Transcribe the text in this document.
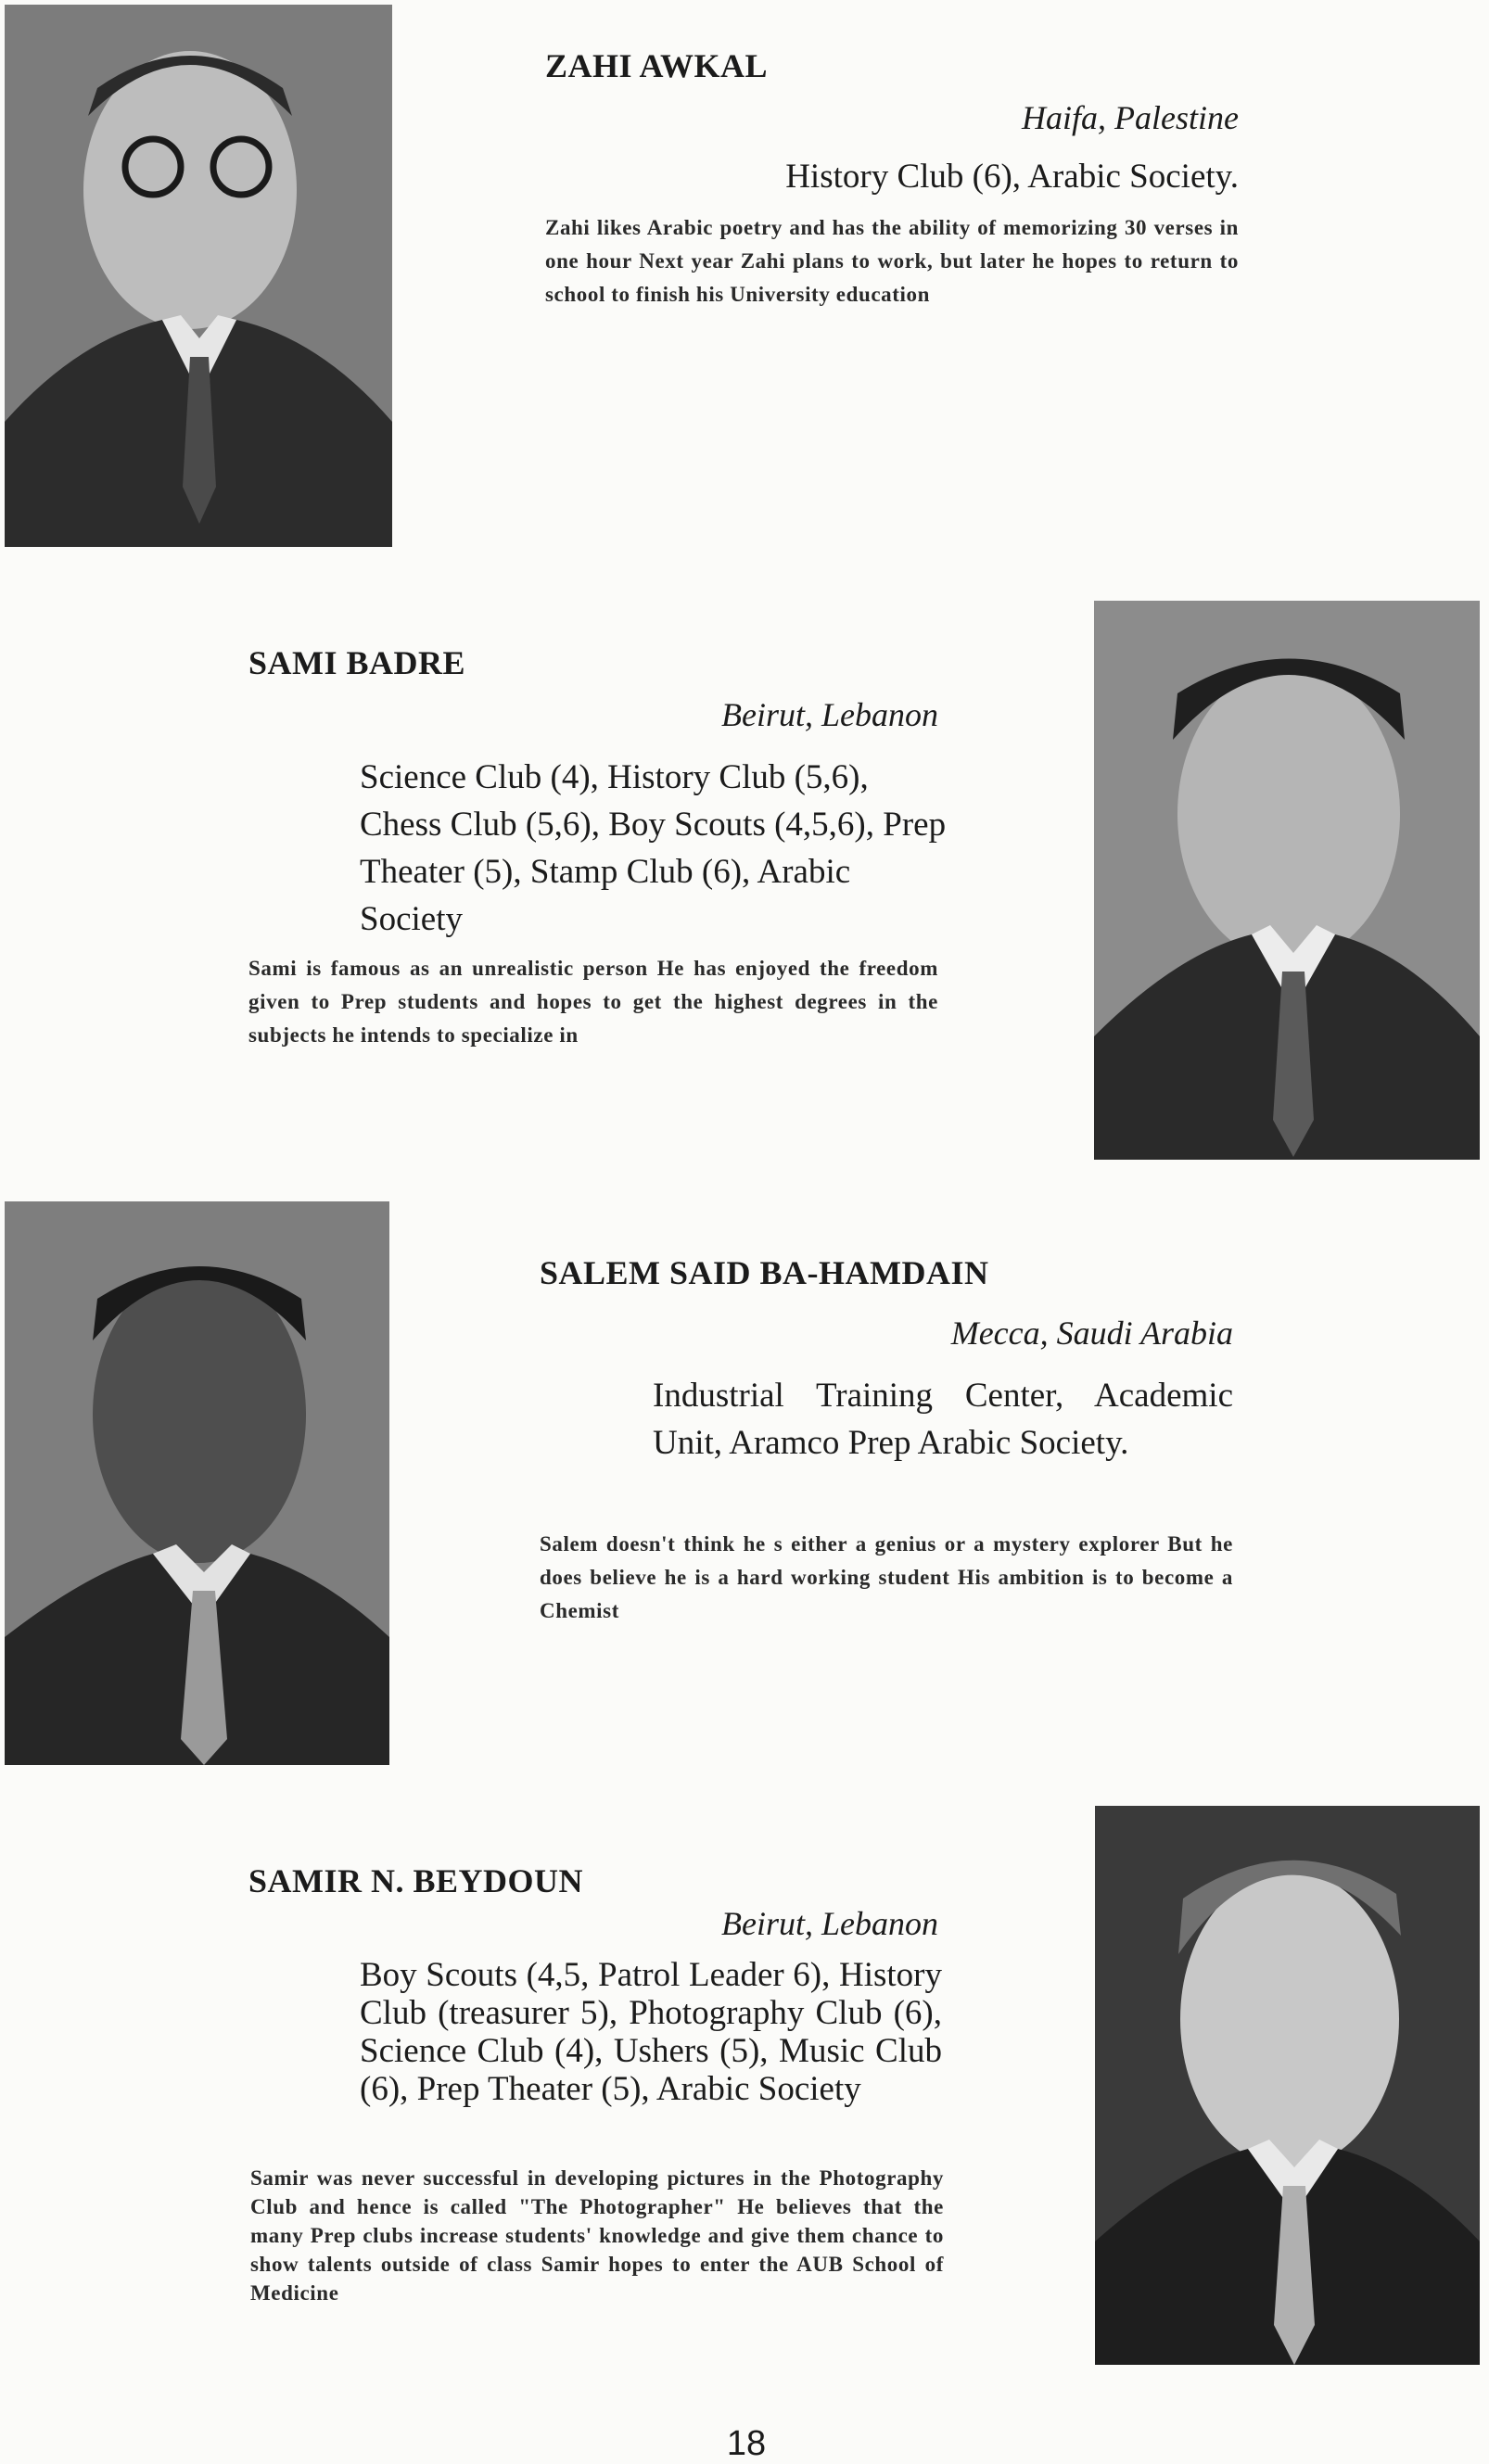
ZAHI AWKAL
Haifa, Palestine
History Club (6), Arabic Society.
Zahi likes Arabic poetry and has the ability of memorizing 30 verses in one hour Next year Zahi plans to work, but later he hopes to return to school to finish his University education
SAMI BADRE
Beirut, Lebanon
Science Club (4), History Club (5,6), Chess Club (5,6), Boy Scouts (4,5,6), Prep Theater (5), Stamp Club (6), Arabic Society
Sami is famous as an unrealistic person He has enjoyed the freedom given to Prep students and hopes to get the highest degrees in the subjects he intends to specialize in
SALEM SAID BA-HAMDAIN
Mecca, Saudi Arabia
Industrial Training Center, Academic Unit, Aramco Prep Arabic Society.
Salem doesn't think he s either a genius or a mystery explorer But he does believe he is a hard working student His ambition is to become a Chemist
SAMIR N. BEYDOUN
Beirut, Lebanon
Boy Scouts (4,5, Patrol Leader 6), History Club (treasurer 5), Photography Club (6), Science Club (4), Ushers (5), Music Club (6), Prep Theater (5), Arabic Society
Samir was never successful in developing pictures in the Photography Club and hence is called "The Photographer" He believes that the many Prep clubs increase students' knowledge and give them chance to show talents outside of class Samir hopes to enter the AUB School of Medicine
18
